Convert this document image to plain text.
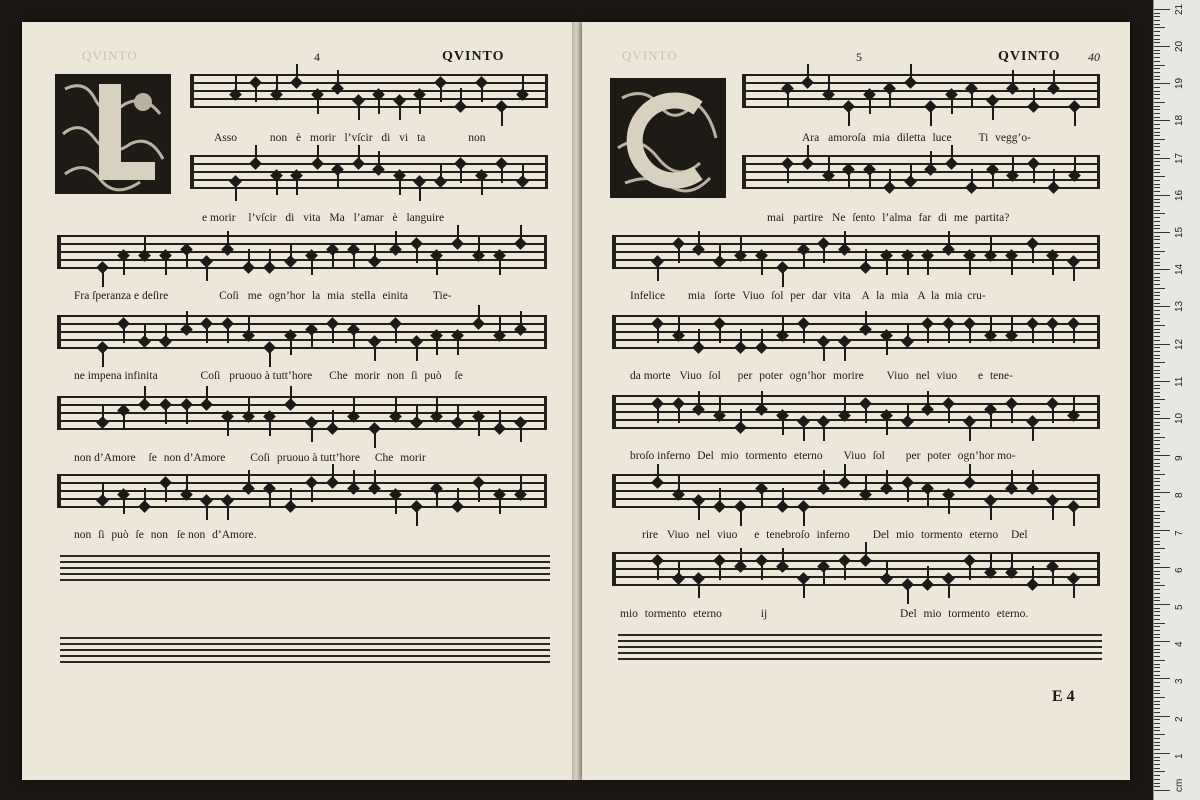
QVINTO	4	QVINTO
Asso	non è morir l’vſcir di vi ta	non
e morir l’vſcir di vita Ma l’amar è languire
Fra ſperanza e deſire	Coſi me ogn’hor la mia stella einita Tie-
ne impena infinita	Coſi pruouo à tutt’hore Che morir non ſi può ſe
non d’Amore ſe non d’Amore Coſi pruouo à tutt’hore Che morir
non ſi può ſe non ſe non d’Amore.
QVINTO	5	QVINTO 40
Ara amoroſa mia diletta luce Ti vegg’o-
mai partire Ne ſento l’alma far di me partita?
Infelice mia ſorte Viuo ſol per dar vita A la mia A la mia cru-
da morte Viuo ſol per poter ogn’hor morire Viuo nel viuo e tene-
broſo inferno Del mio tormento eterno Viuo ſol per poter ogn’hor mo-
rire Viuo nel viuo e tenebroſo inferno Del mio tormento eterno Del
mio tormento eterno	ij	Del mio tormento eterno.
E 4
cm
1
2
3
4
5
6
7
8
9
10
11
12
13
14
15
16
17
18
19
20
21
